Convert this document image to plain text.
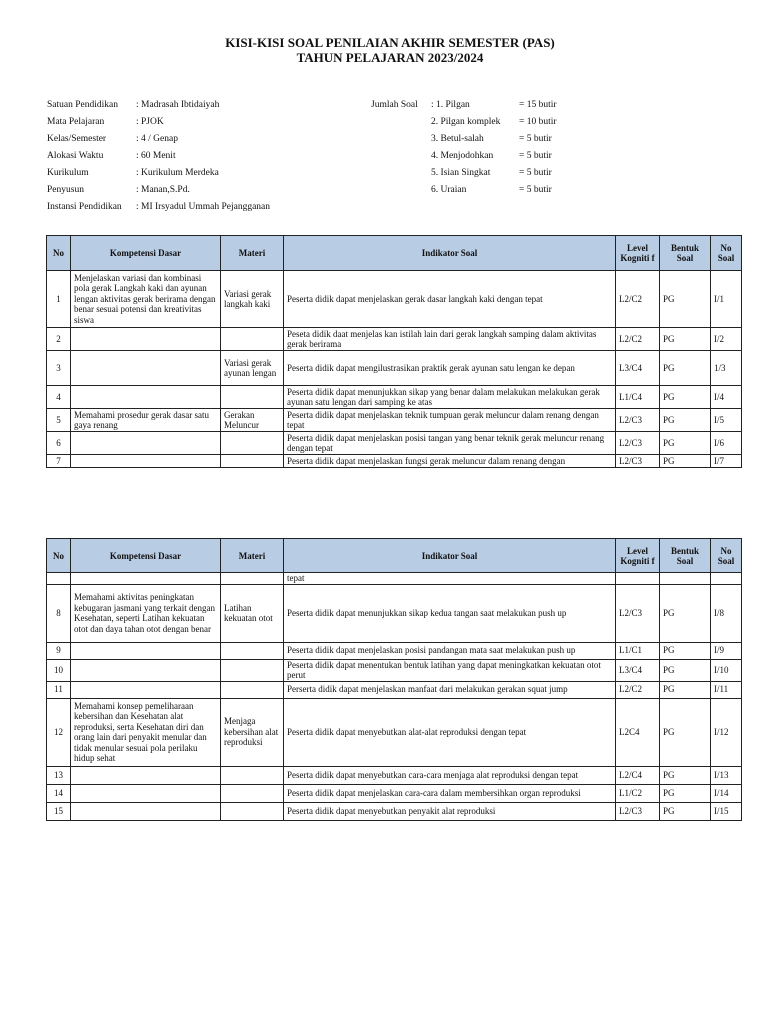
KISI-KISI SOAL PENILAIAN AKHIR SEMESTER (PAS)
TAHUN PELAJARAN 2023/2024
Satuan Pendidikan	: Madrasah Ibtidaiyah
Mata Pelajaran	: PJOK
Kelas/Semester	: 4 / Genap
Alokasi Waktu	: 60 Menit
Kurikulum	: Kurikulum Merdeka
Penyusun	: Manan,S.Pd.
Instansi Pendidikan	: MI Irsyadul Ummah Pejangganan
Jumlah Soal	: 1. Pilgan	= 15 butir
2. Pilgan komplek	= 10 butir
3. Betul-salah	= 5 butir
4. Menjodohkan	= 5 butir
5. Isian Singkat	= 5 butir
6. Uraian	= 5 butir
No	Kompetensi Dasar	Materi	Indikator Soal	Level Kogniti f	Bentuk Soal	No Soal
1	Menjelaskan variasi dan kombinasi pola gerak Langkah kaki dan ayunan lengan aktivitas gerak berirama dengan benar sesuai potensi dan kreativitas siswa	Variasi gerak langkah kaki	Peserta didik dapat menjelaskan gerak dasar langkah kaki dengan tepat	L2/C2	PG	I/1
2			Peseta didik daat menjelas kan istilah lain dari gerak langkah samping dalam aktivitas gerak berirama	L2/C2	PG	I/2
3		Variasi gerak ayunan lengan	Peserta didik dapat mengilustrasikan praktik gerak ayunan satu lengan ke depan	L3/C4	PG	1/3
4			Peserta didik dapat menunjukkan sikap yang benar dalam melakukan melakukan gerak ayunan satu lengan dari samping ke atas	L1/C4	PG	I/4
5	Memahami prosedur gerak dasar satu gaya renang	Gerakan Meluncur	Peserta didik dapat menjelaskan teknik tumpuan gerak meluncur dalam renang dengan tepat	L2/C3	PG	I/5
6			Peserta didik dapat menjelaskan posisi tangan yang benar teknik gerak meluncur renang dengan tepat	L2/C3	PG	I/6
7			Peserta didik dapat menjelaskan fungsi gerak meluncur dalam renang dengan	L2/C3	PG	I/7
No	Kompetensi Dasar	Materi	Indikator Soal	Level Kogniti f	Bentuk Soal	No Soal
			tepat			
8	Memahami aktivitas peningkatan kebugaran jasmani yang terkait dengan Kesehatan, seperti Latihan kekuatan otot dan daya tahan otot dengan benar	Latihan kekuatan otot	Peserta didik dapat menunjukkan sikap kedua tangan saat melakukan push up	L2/C3	PG	I/8
9			Peserta didik dapat menjelaskan posisi pandangan mata saat melakukan push up	L1/C1	PG	I/9
10			Peserta didik dapat menentukan bentuk latihan yang dapat meningkatkan kekuatan otot perut	L3/C4	PG	I/10
11			Perserta didik dapat menjelaskan manfaat dari melakukan gerakan squat jump	L2/C2	PG	I/11
12	Memahami konsep pemeliharaan kebersihan dan Kesehatan alat reproduksi, serta Kesehatan diri dan orang lain dari penyakit menular dan tidak menular sesuai pola perilaku hidup sehat	Menjaga kebersihan alat reproduksi	Peserta didik dapat menyebutkan alat-alat reproduksi dengan tepat	L2C4	PG	I/12
13			Peserta didik dapat menyebutkan cara-cara menjaga alat reproduksi dengan tepat	L2/C4	PG	I/13
14			Peserta didik dapat menjelaskan cara-cara dalam membersihkan organ reproduksi	L1/C2	PG	I/14
15			Peserta didik dapat menyebutkan penyakit alat reproduksi	L2/C3	PG	I/15
